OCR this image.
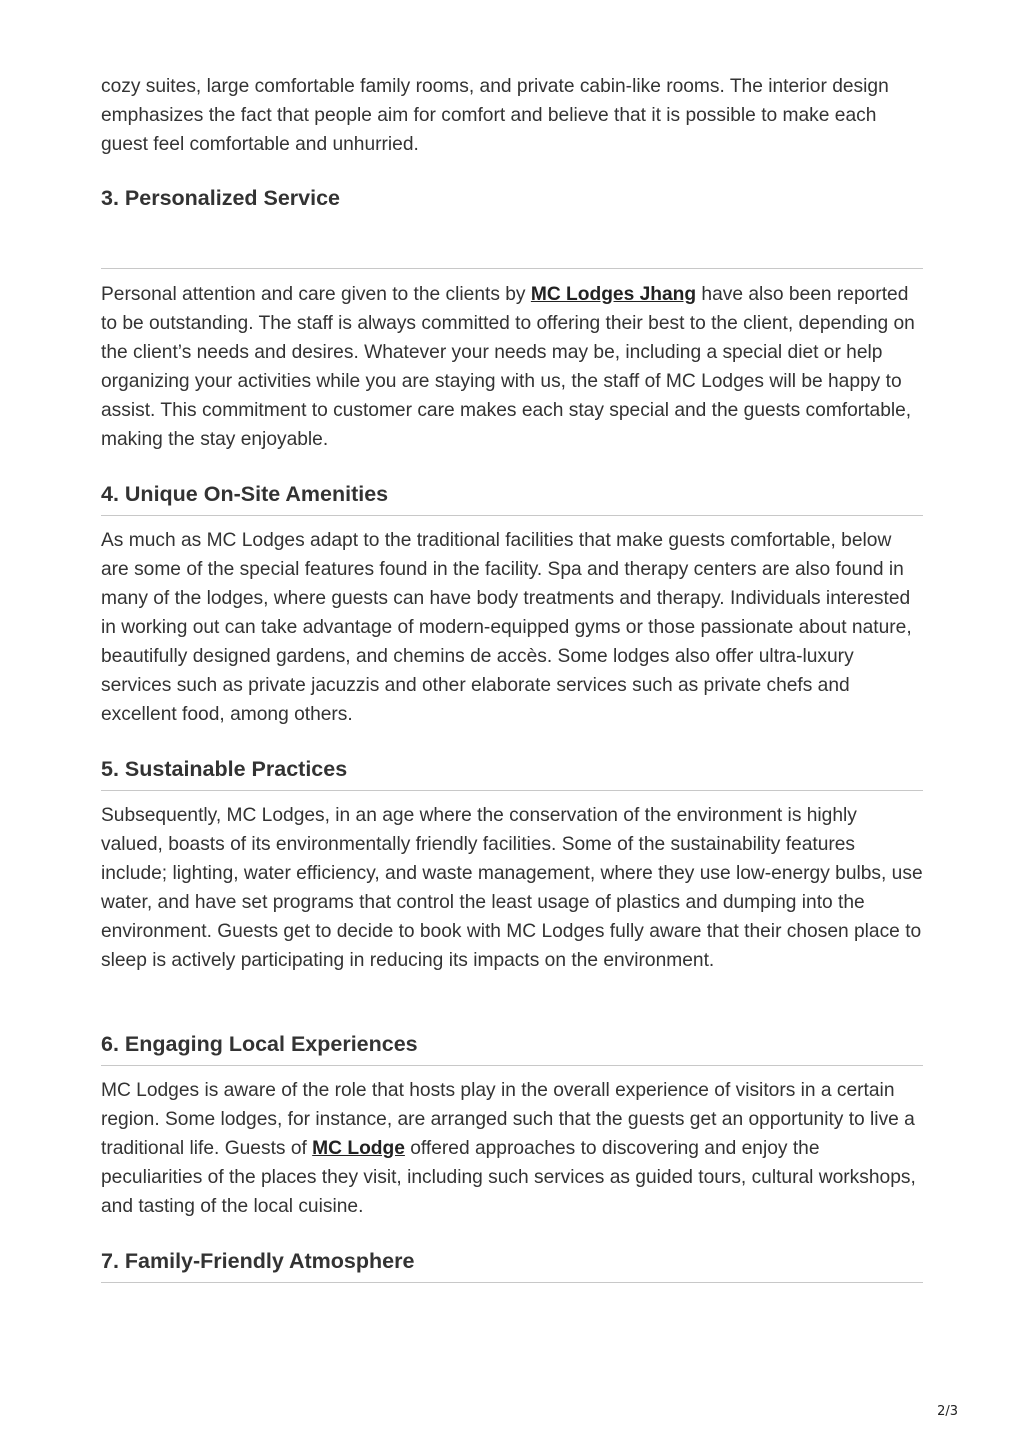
cozy suites, large comfortable family rooms, and private cabin-like rooms. The interior design emphasizes the fact that people aim for comfort and believe that it is possible to make each guest feel comfortable and unhurried.

3. Personalized Service

Personal attention and care given to the clients by MC Lodges Jhang have also been reported to be outstanding. The staff is always committed to offering their best to the client, depending on the client’s needs and desires. Whatever your needs may be, including a special diet or help organizing your activities while you are staying with us, the staff of MC Lodges will be happy to assist. This commitment to customer care makes each stay special and the guests comfortable, making the stay enjoyable.

4. Unique On-Site Amenities

As much as MC Lodges adapt to the traditional facilities that make guests comfortable, below are some of the special features found in the facility. Spa and therapy centers are also found in many of the lodges, where guests can have body treatments and therapy. Individuals interested in working out can take advantage of modern-equipped gyms or those passionate about nature, beautifully designed gardens, and chemins de accès. Some lodges also offer ultra-luxury services such as private jacuzzis and other elaborate services such as private chefs and excellent food, among others.

5. Sustainable Practices

Subsequently, MC Lodges, in an age where the conservation of the environment is highly valued, boasts of its environmentally friendly facilities. Some of the sustainability features include; lighting, water efficiency, and waste management, where they use low-energy bulbs, use water, and have set programs that control the least usage of plastics and dumping into the environment. Guests get to decide to book with MC Lodges fully aware that their chosen place to sleep is actively participating in reducing its impacts on the environment.

6. Engaging Local Experiences

MC Lodges is aware of the role that hosts play in the overall experience of visitors in a certain region. Some lodges, for instance, are arranged such that the guests get an opportunity to live a traditional life. Guests of MC Lodge offered approaches to discovering and enjoy the peculiarities of the places they visit, including such services as guided tours, cultural workshops, and tasting of the local cuisine.

7. Family-Friendly Atmosphere
2/3
